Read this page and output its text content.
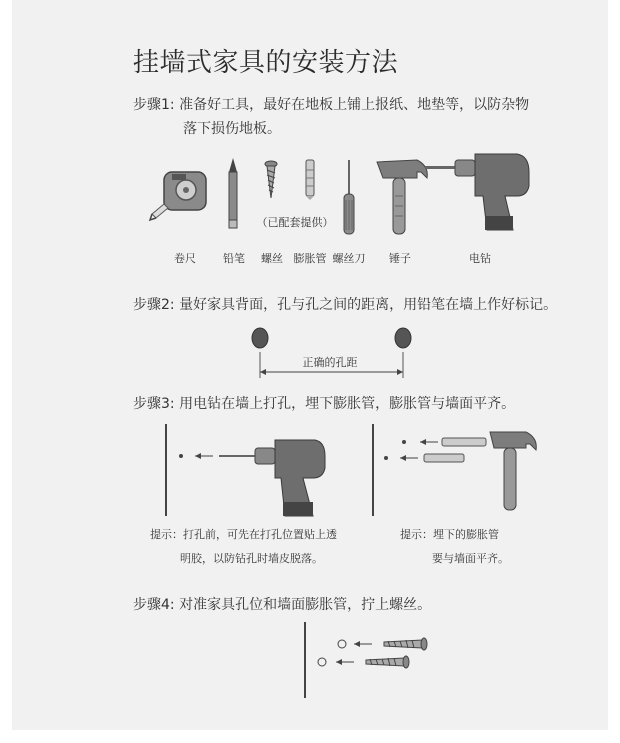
挂墙式家具的安装方法
步骤1: 准备好工具，最好在地板上铺上报纸、地垫等，以防杂物
落下损伤地板。
卷尺	铅笔	螺丝 膨胀管
（已配套提供）
螺丝刀	锤子	电钻
步骤2: 量好家具背面，孔与孔之间的距离，用铅笔在墙上作好标记。
正确的孔距
步骤3: 用电钻在墙上打孔，埋下膨胀管，膨胀管与墙面平齐。
提示：打孔前，可先在打孔位置贴上透
明胶，以防钻孔时墙皮脱落。
提示：埋下的膨胀管
要与墙面平齐。
步骤4: 对准家具孔位和墙面膨胀管，拧上螺丝。
